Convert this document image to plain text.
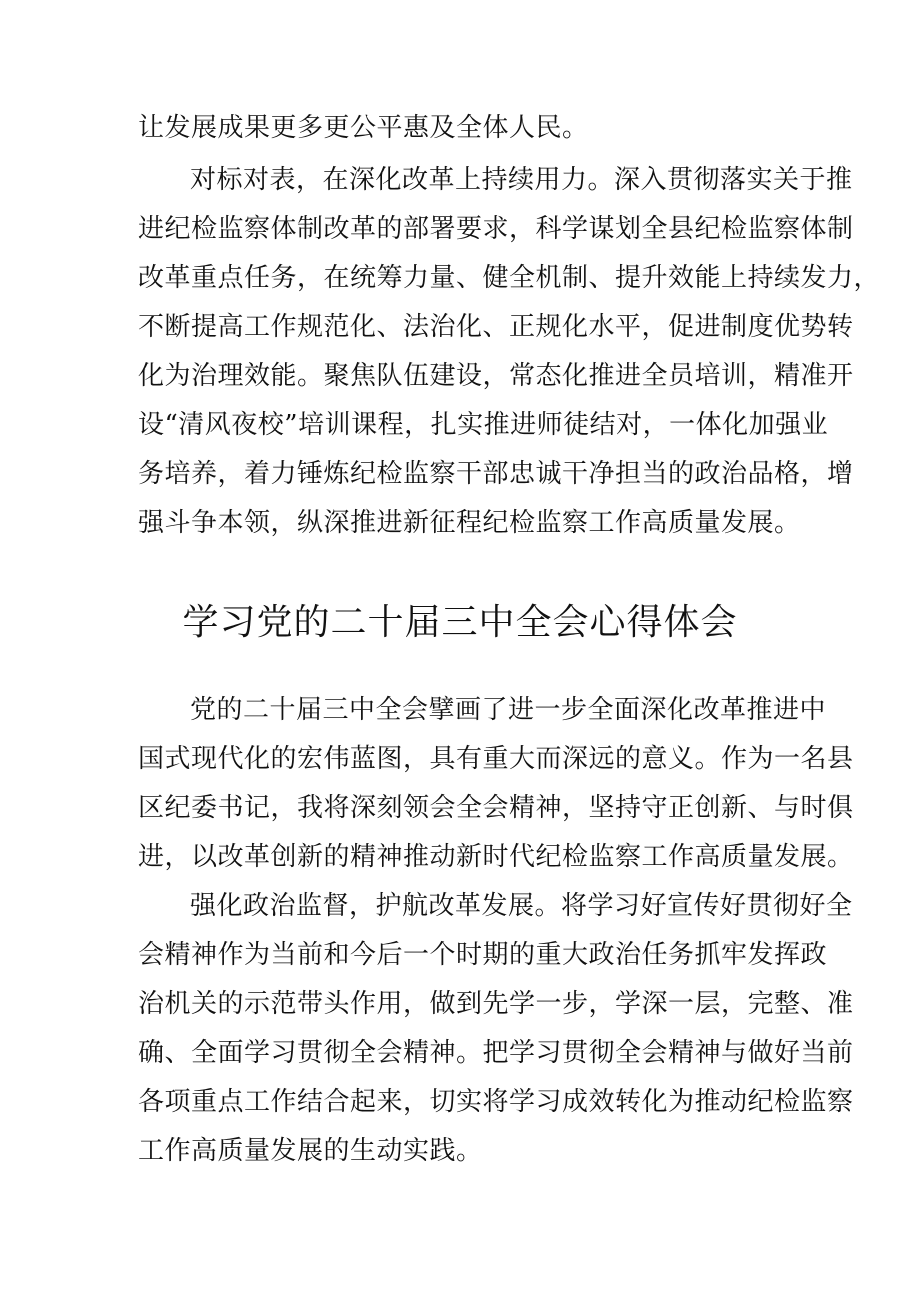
让发展成果更多更公平惠及全体人民。
对标对表，在深化改革上持续用力。深入贯彻落实关于推
进纪检监察体制改革的部署要求，科学谋划全县纪检监察体制
改革重点任务，在统筹力量、健全机制、提升效能上持续发力，
不断提高工作规范化、法治化、正规化水平，促进制度优势转
化为治理效能。聚焦队伍建设，常态化推进全员培训，精准开
设“清风夜校”培训课程，扎实推进师徒结对，一体化加强业
务培养，着力锤炼纪检监察干部忠诚干净担当的政治品格，增
强斗争本领，纵深推进新征程纪检监察工作高质量发展。
学习党的二十届三中全会心得体会
党的二十届三中全会擘画了进一步全面深化改革推进中
国式现代化的宏伟蓝图，具有重大而深远的意义。作为一名县
区纪委书记，我将深刻领会全会精神，坚持守正创新、与时俱
进，以改革创新的精神推动新时代纪检监察工作高质量发展。
强化政治监督，护航改革发展。将学习好宣传好贯彻好全
会精神作为当前和今后一个时期的重大政治任务抓牢发挥政
治机关的示范带头作用，做到先学一步，学深一层，完整、准
确、全面学习贯彻全会精神。把学习贯彻全会精神与做好当前
各项重点工作结合起来，切实将学习成效转化为推动纪检监察
工作高质量发展的生动实践。
